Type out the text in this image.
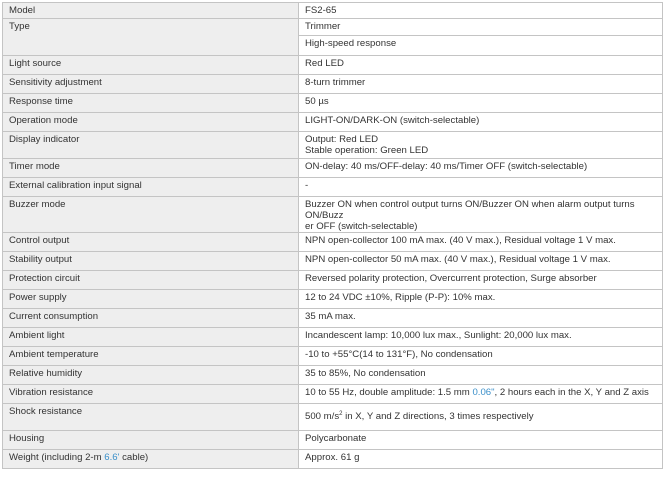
Model	FS2-65
Type	Trimmer
	High-speed response
Light source	Red LED
Sensitivity adjustment	8-turn trimmer
Response time	50 µs
Operation mode	LIGHT-ON/DARK-ON (switch-selectable)
Display indicator	Output: Red LED
Stable operation: Green LED
Timer mode	ON-delay: 40 ms/OFF-delay: 40 ms/Timer OFF (switch-selectable)
External calibration input signal	-
Buzzer mode	Buzzer ON when control output turns ON/Buzzer ON when alarm output turns ON/Buzz
er OFF (switch-selectable)
Control output	NPN open-collector 100 mA max. (40 V max.), Residual voltage 1 V max.
Stability output	NPN open-collector 50 mA max. (40 V max.), Residual voltage 1 V max.
Protection circuit	Reversed polarity protection, Overcurrent protection, Surge absorber
Power supply	12 to 24 VDC ±10%, Ripple (P-P): 10% max.
Current consumption	35 mA max.
Ambient light	Incandescent lamp: 10,000 lux max., Sunlight: 20,000 lux max.
Ambient temperature	-10 to +55°C(14 to 131°F), No condensation
Relative humidity	35 to 85%, No condensation
Vibration resistance	10 to 55 Hz, double amplitude: 1.5 mm 0.06", 2 hours each in the X, Y and Z axis
Shock resistance	500 $m/s^2$ in X, Y and Z directions, 3 times respectively
Housing	Polycarbonate
Weight (including 2-m 6.6' cable)	Approx. 61 g
